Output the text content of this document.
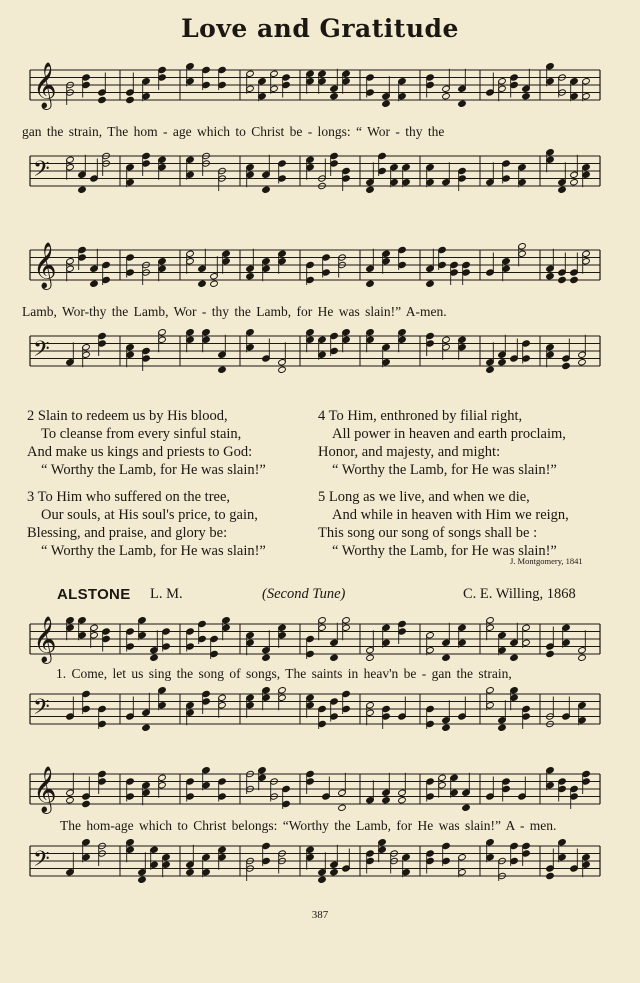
Love and Gratitude
𝄞
gan the strain, The hom - age which to Christ be - longs: “ Wor - thy the
𝄢
𝄞
Lamb, Wor-thy the Lamb, Wor - thy the Lamb, for He was slain!” A-men.
𝄢
2 Slain to redeem us by His blood,
To cleanse from every sinful stain,
And make us kings and priests to God:
“ Worthy the Lamb, for He was slain!”
3 To Him who suffered on the tree,
Our souls, at His soul's price, to gain,
Blessing, and praise, and glory be:
“ Worthy the Lamb, for He was slain!”
4 To Him, enthroned by filial right,
All power in heaven and earth proclaim,
Honor, and majesty, and might:
“ Worthy the Lamb, for He was slain!”
5 Long as we live, and when we die,
And while in heaven with Him we reign,
This song our song of songs shall be :
“ Worthy the Lamb, for He was slain!”
J. Montgomery, 1841
ALSTONE L. M.	(Second Tune)	C. E. Willing, 1868
𝄞
1. Come, let us sing the song of songs, The saints in heav'n be - gan the strain,
𝄢
𝄞
The hom-age which to Christ belongs: “Worthy the Lamb, for He was slain!” A - men.
𝄢
387
